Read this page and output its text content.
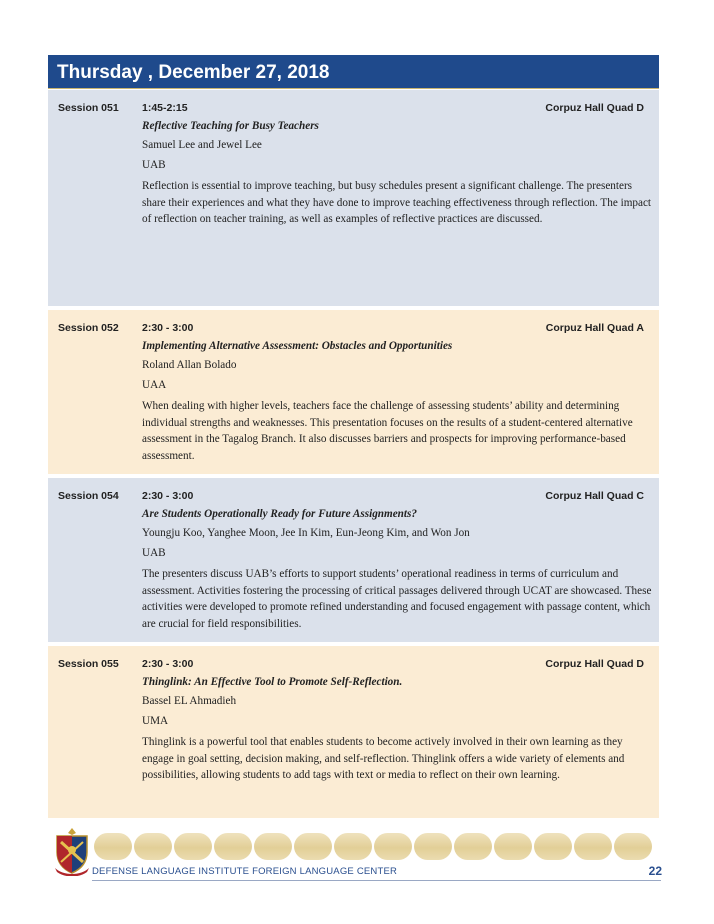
Thursday , December 27, 2018
Session 051 1:45-2:15	Corpuz Hall Quad D

Reflective Teaching for Busy Teachers

Samuel Lee and Jewel Lee

UAB

Reflection is essential to improve teaching, but busy schedules present a significant challenge. The presenters share their experiences and what they have done to improve teaching effectiveness through reflection. The impact of reflection on teacher training, as well as examples of reflective practices are discussed.

Session 052 2:30 - 3:00	Corpuz Hall Quad A

Implementing Alternative Assessment: Obstacles and Opportunities

Roland Allan Bolado

UAA

When dealing with higher levels, teachers face the challenge of assessing students’ ability and determining individual strengths and weaknesses. This presentation focuses on the results of a student-centered alternative assessment in the Tagalog Branch. It also discusses barriers and prospects for improving performance-based assessment.

Session 054 2:30 - 3:00	Corpuz Hall Quad C

Are Students Operationally Ready for Future Assignments?

Youngju Koo, Yanghee Moon, Jee In Kim, Eun-Jeong Kim, and Won Jon

UAB

The presenters discuss UAB’s efforts to support students’ operational readiness in terms of curriculum and assessment. Activities fostering the processing of critical passages delivered through UCAT are showcased. These activities were developed to promote refined understanding and focused engagement with passage content, which are crucial for field responsibilities.

Session 055 2:30 - 3:00	Corpuz Hall Quad D

Thinglink: An Effective Tool to Promote Self-Reflection.

Bassel EL Ahmadieh

UMA

Thinglink is a powerful tool that enables students to become actively involved in their own learning as they engage in goal setting, decision making, and self-reflection. Thinglink offers a wide variety of elements and possibilities, allowing students to add tags with text or media to reflect on their own learning.

DEFENSE LANGUAGE INSTITUTE FOREIGN LANGUAGE CENTER	22
